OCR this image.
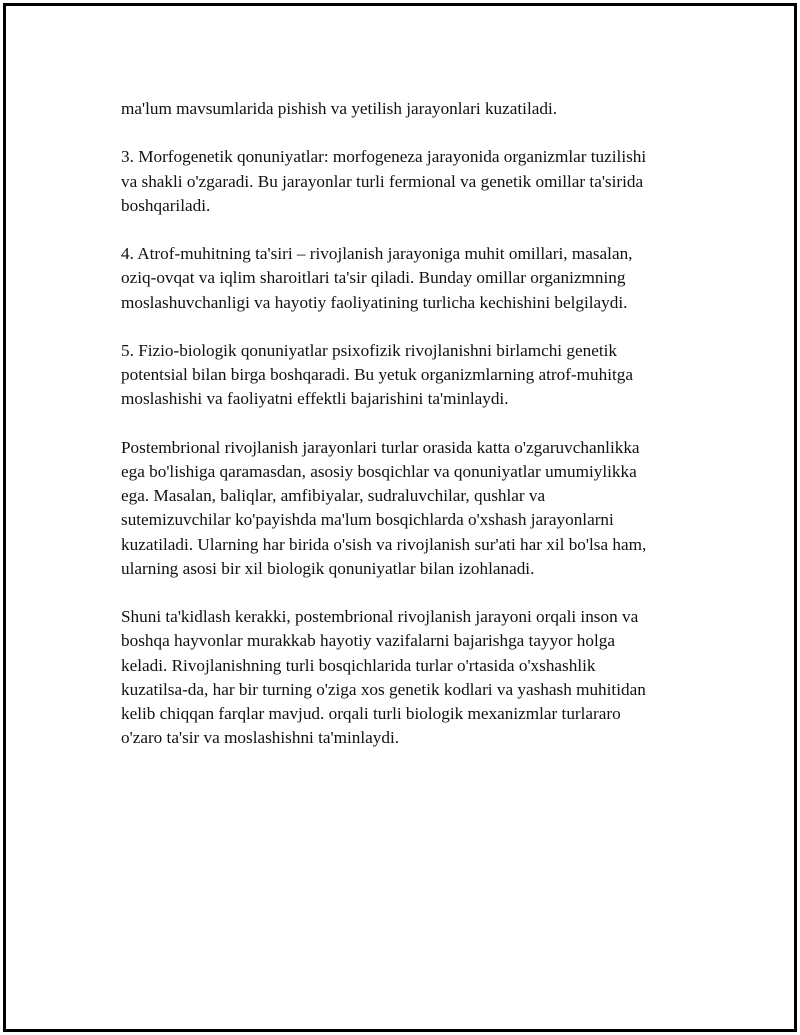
ma'lum mavsumlarida pishish va yetilish jarayonlari kuzatiladi.

3. Morfogenetik qonuniyatlar: morfogeneza jarayonida organizmlar tuzilishi
va shakli o'zgaradi. Bu jarayonlar turli fermional va genetik omillar ta'sirida
boshqariladi.

4. Atrof-muhitning ta'siri – rivojlanish jarayoniga muhit omillari, masalan,
oziq-ovqat va iqlim sharoitlari ta'sir qiladi. Bunday omillar organizmning
moslashuvchanligi va hayotiy faoliyatining turlicha kechishini belgilaydi.

5. Fizio-biologik qonuniyatlar psixofizik rivojlanishni birlamchi genetik
potentsial bilan birga boshqaradi. Bu yetuk organizmlarning atrof-muhitga
moslashishi va faoliyatni effektli bajarishini ta'minlaydi.

Postembrional rivojlanish jarayonlari turlar orasida katta o'zgaruvchanlikka
ega bo'lishiga qaramasdan, asosiy bosqichlar va qonuniyatlar umumiylikka
ega. Masalan, baliqlar, amfibiyalar, sudraluvchilar, qushlar va
sutemizuvchilar ko'payishda ma'lum bosqichlarda o'xshash jarayonlarni
kuzatiladi. Ularning har birida o'sish va rivojlanish sur'ati har xil bo'lsa ham,
ularning asosi bir xil biologik qonuniyatlar bilan izohlanadi.

Shuni ta'kidlash kerakki, postembrional rivojlanish jarayoni orqali inson va
boshqa hayvonlar murakkab hayotiy vazifalarni bajarishga tayyor holga
keladi. Rivojlanishning turli bosqichlarida turlar o'rtasida o'xshashlik
kuzatilsa-da, har bir turning o'ziga xos genetik kodlari va yashash muhitidan
kelib chiqqan farqlar mavjud. orqali turli biologik mexanizmlar turlararo
o'zaro ta'sir va moslashishni ta'minlaydi.
